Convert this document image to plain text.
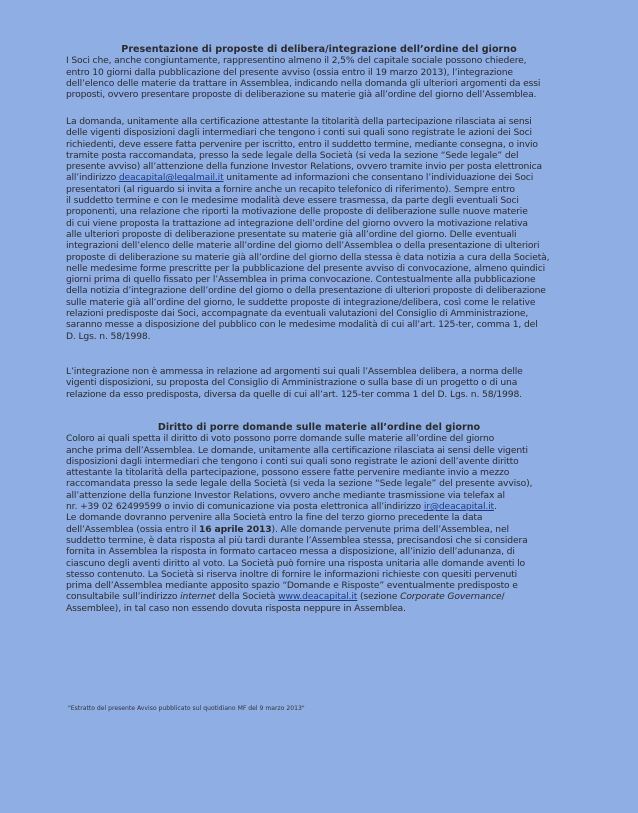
Presentazione di proposte di delibera/integrazione dell’ordine del giorno
I Soci che, anche congiuntamente, rappresentino almeno il 2,5% del capitale sociale possono chiedere,
entro 10 giorni dalla pubblicazione del presente avviso (ossia entro il 19 marzo 2013), l’integrazione
dell’elenco delle materie da trattare in Assemblea, indicando nella domanda gli ulteriori argomenti da essi
proposti, ovvero presentare proposte di deliberazione su materie già all’ordine del giorno dell’Assemblea.
La domanda, unitamente alla certificazione attestante la titolarità della partecipazione rilasciata ai sensi
delle vigenti disposizioni dagli intermediari che tengono i conti sui quali sono registrate le azioni dei Soci
richiedenti, deve essere fatta pervenire per iscritto, entro il suddetto termine, mediante consegna, o invio
tramite posta raccomandata, presso la sede legale della Società (si veda la sezione “Sede legale” del
presente avviso) all’attenzione della funzione Investor Relations, ovvero tramite invio per posta elettronica
all’indirizzo deacapital@legalmail.it unitamente ad informazioni che consentano l’individuazione dei Soci
presentatori (al riguardo si invita a fornire anche un recapito telefonico di riferimento). Sempre entro
il suddetto termine e con le medesime modalità deve essere trasmessa, da parte degli eventuali Soci
proponenti, una relazione che riporti la motivazione delle proposte di deliberazione sulle nuove materie
di cui viene proposta la trattazione ad integrazione dell’ordine del giorno ovvero la motivazione relativa
alle ulteriori proposte di deliberazione presentate su materie già all’ordine del giorno. Delle eventuali
integrazioni dell’elenco delle materie all’ordine del giorno dell’Assemblea o della presentazione di ulteriori
proposte di deliberazione su materie già all’ordine del giorno della stessa è data notizia a cura della Società,
nelle medesime forme prescritte per la pubblicazione del presente avviso di convocazione, almeno quindici
giorni prima di quello fissato per l’Assemblea in prima convocazione. Contestualmente alla pubblicazione
della notizia d’integrazione dell’ordine del giorno o della presentazione di ulteriori proposte di deliberazione
sulle materie già all’ordine del giorno, le suddette proposte di integrazione/delibera, così come le relative
relazioni predisposte dai Soci, accompagnate da eventuali valutazioni del Consiglio di Amministrazione,
saranno messe a disposizione del pubblico con le medesime modalità di cui all’art. 125-ter, comma 1, del
D. Lgs. n. 58/1998.
L’integrazione non è ammessa in relazione ad argomenti sui quali l’Assemblea delibera, a norma delle
vigenti disposizioni, su proposta del Consiglio di Amministrazione o sulla base di un progetto o di una
relazione da esso predisposta, diversa da quelle di cui all’art. 125-ter comma 1 del D. Lgs. n. 58/1998.
Diritto di porre domande sulle materie all’ordine del giorno
Coloro ai quali spetta il diritto di voto possono porre domande sulle materie all’ordine del giorno
anche prima dell’Assemblea. Le domande, unitamente alla certificazione rilasciata ai sensi delle vigenti
disposizioni dagli intermediari che tengono i conti sui quali sono registrate le azioni dell’avente diritto
attestante la titolarità della partecipazione, possono essere fatte pervenire mediante invio a mezzo
raccomandata presso la sede legale della Società (si veda la sezione “Sede legale” del presente avviso),
all’attenzione della funzione Investor Relations, ovvero anche mediante trasmissione via telefax al
nr. +39 02 62499599 o invio di comunicazione via posta elettronica all’indirizzo ir@deacapital.it.
Le domande dovranno pervenire alla Società entro la fine del terzo giorno precedente la data
dell’Assemblea (ossia entro il 16 aprile 2013). Alle domande pervenute prima dell’Assemblea, nel
suddetto termine, è data risposta al più tardi durante l’Assemblea stessa, precisandosi che si considera
fornita in Assemblea la risposta in formato cartaceo messa a disposizione, all’inizio dell’adunanza, di
ciascuno degli aventi diritto al voto. La Società può fornire una risposta unitaria alle domande aventi lo
stesso contenuto. La Società si riserva inoltre di fornire le informazioni richieste con quesiti pervenuti
prima dell’Assemblea mediante apposito spazio “Domande e Risposte” eventualmente predisposto e
consultabile sull’indirizzo internet della Società www.deacapital.it (sezione Corporate Governance/
Assemblee), in tal caso non essendo dovuta risposta neppure in Assemblea.
"Estratto del presente Avviso pubblicato sul quotidiano MF del 9 marzo 2013"
